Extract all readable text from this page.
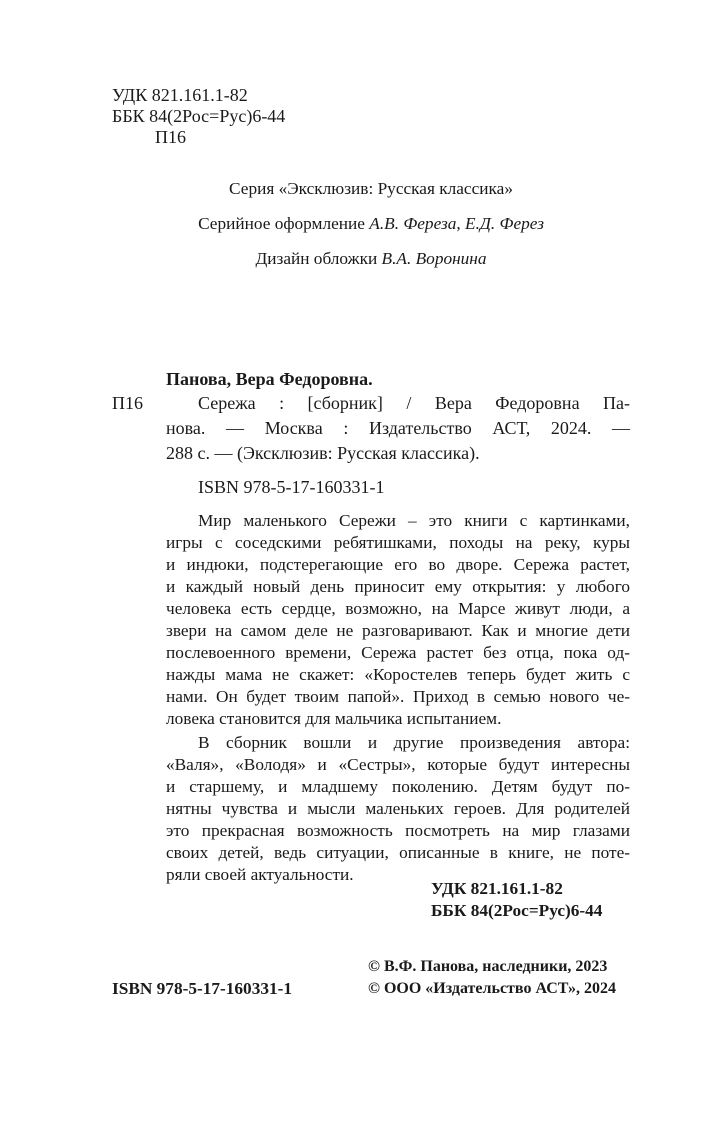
УДК 821.161.1-82
ББК 84(2Рос=Рус)6-44
П16
Серия «Эксклюзив: Русская классика»
Серийное оформление А.В. Фереза, Е.Д. Ферез
Дизайн обложки В.А. Воронина
Панова, Вера Федоровна.
П16	Сережа : [сборник] / Вера Федоровна Па-
нова. — Москва : Издательство АСТ, 2024. —
288 с. — (Эксклюзив: Русская классика).
ISBN 978-5-17-160331-1
Мир маленького Сережи – это книги с картинками,
игры с соседскими ребятишками, походы на реку, куры
и индюки, подстерегающие его во дворе. Сережа растет,
и каждый новый день приносит ему открытия: у любого
человека есть сердце, возможно, на Марсе живут люди, а
звери на самом деле не разговаривают. Как и многие дети
послевоенного времени, Сережа растет без отца, пока од-
нажды мама не скажет: «Коростелев теперь будет жить с
нами. Он будет твоим папой». Приход в семью нового че-
ловека становится для мальчика испытанием.
В сборник вошли и другие произведения автора:
«Валя», «Володя» и «Сестры», которые будут интересны
и старшему, и младшему поколению. Детям будут по-
нятны чувства и мысли маленьких героев. Для родителей
это прекрасная возможность посмотреть на мир глазами
своих детей, ведь ситуации, описанные в книге, не поте-
ряли своей актуальности.
УДК 821.161.1-82
ББК 84(2Рос=Рус)6-44
© В.Ф. Панова, наследники, 2023
ISBN 978-5-17-160331-1	© ООО «Издательство АСТ», 2024
